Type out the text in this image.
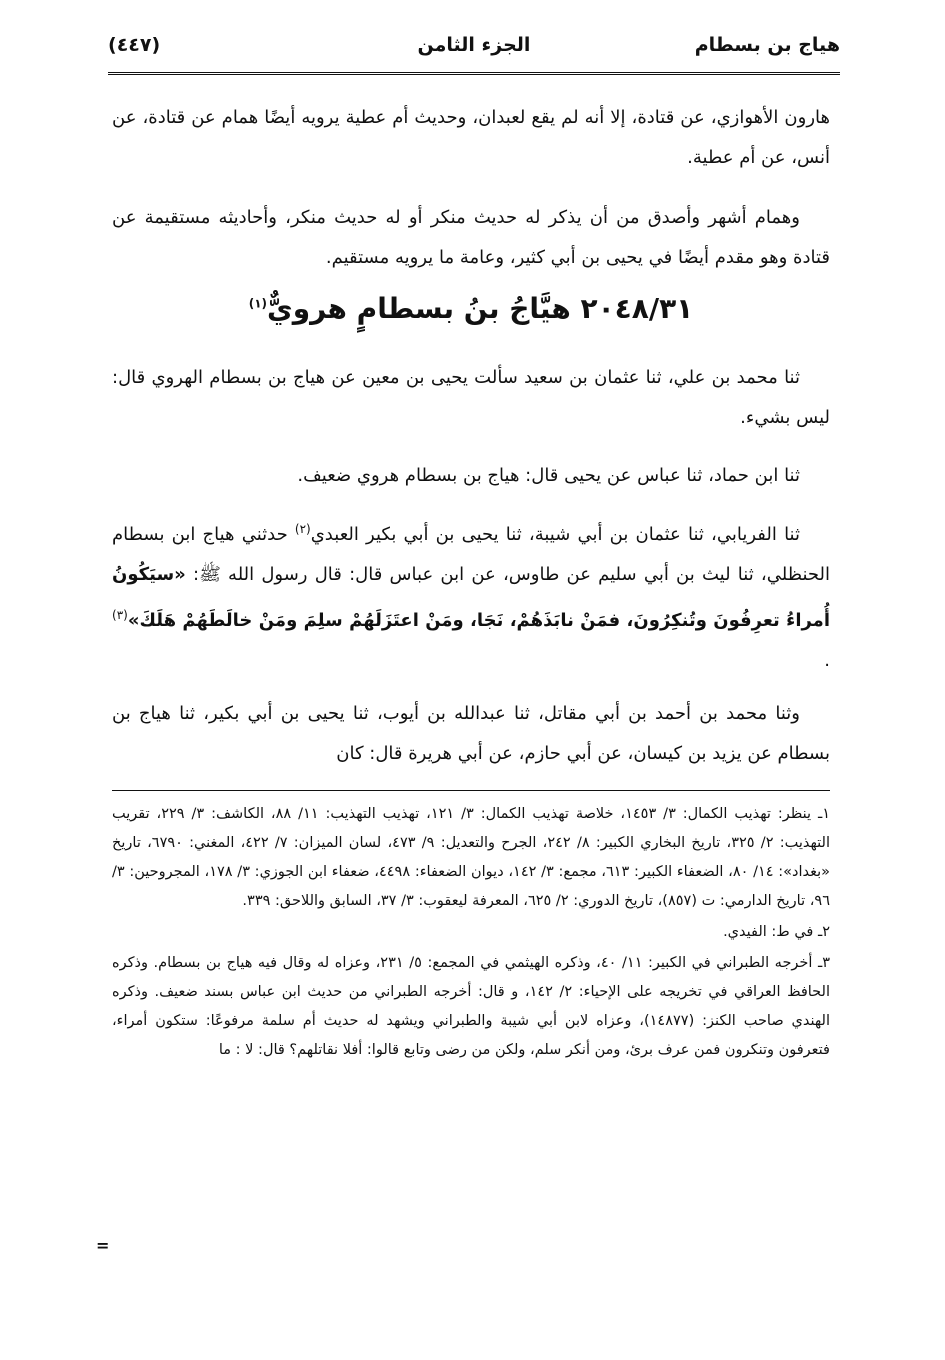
هياج بن بسطام
الجزء الثامن
(٤٤٧)
هارون الأهوازي، عن قتادة، إلا أنه لم يقع لعبدان، وحديث أم عطية يرويه أيضًا همام عن قتادة، عن أنس، عن أم عطية.
وهمام أشهر وأصدق من أن يذكر له حديث منكر أو له حديث منكر، وأحاديثه مستقيمة عن قتادة وهو مقدم أيضًا في يحيى بن أبي كثير، وعامة ما يرويه مستقيم.
٢٠٤٨/٣١ هيَّاجُ بنُ بسطامٍ هرويٌّ$^{(١)}$
ثنا محمد بن علي، ثنا عثمان بن سعيد سألت يحيى بن معين عن هياج بن بسطام الهروي قال: ليس بشيء.
ثنا ابن حماد، ثنا عباس عن يحيى قال: هياج بن بسطام هروي ضعيف.
ثنا الفريابي، ثنا عثمان بن أبي شيبة، ثنا يحيى بن أبي بكير العبدي$^{(٢)}$ حدثني هياج ابن بسطام الحنظلي، ثنا ليث بن أبي سليم عن طاوس، عن ابن عباس قال: قال رسول الله ﷺ: «سيَكُونُ أُمراءُ تعرِفُونَ وتُنكِرُونَ، فمَنْ نابَذَهُمْ، نَجَا، ومَنْ اعتَزَلَهُمْ سلِمَ ومَنْ خالَطَهُمْ هَلَكَ»$^{(٣)}$ .
وثنا محمد بن أحمد بن أبي مقاتل، ثنا عبدالله بن أيوب، ثنا يحيى بن أبي بكير، ثنا هياج بن بسطام عن يزيد بن كيسان، عن أبي حازم، عن أبي هريرة قال: كان

١ـ ينظر: تهذيب الكمال: ٣/ ١٤٥٣، خلاصة تهذيب الكمال: ٣/ ١٢١، تهذيب التهذيب: ١١/ ٨٨، الكاشف: ٣/ ٢٢٩، تقريب التهذيب: ٢/ ٣٢٥، تاريخ البخاري الكبير: ٨/ ٢٤٢، الجرح والتعديل: ٩/ ٤٧٣، لسان الميزان: ٧/ ٤٢٢، المغني: ٦٧٩٠، تاريخ «بغداد»: ١٤/ ٨٠، الضعفاء الكبير: ٦١٣، مجمع: ٣/ ١٤٢، ديوان الضعفاء: ٤٤٩٨، ضعفاء ابن الجوزي: ٣/ ١٧٨، المجروحين: ٣/ ٩٦، تاريخ الدارمي: ت (٨٥٧)، تاريخ الدوري: ٢/ ٦٢٥، المعرفة ليعقوب: ٣/ ٣٧، السابق واللاحق: ٣٣٩.

٢ـ في ط: الفيدي.

٣ـ أخرجه الطبراني في الكبير: ١١/ ٤٠، وذكره الهيثمي في المجمع: ٥/ ٢٣١، وعزاه له وقال فيه هياج بن بسطام. وذكره الحافظ العراقي في تخريجه على الإحياء: ٢/ ١٤٢، و قال: أخرجه الطبراني من حديث ابن عباس بسند ضعيف. وذكره الهندي صاحب الكنز: (١٤٨٧٧)، وعزاه لابن أبي شيبة والطبراني ويشهد له حديث أم سلمة مرفوعًا: ستكون أمراء، فتعرفون وتنكرون فمن عرف برئ، ومن أنكر سلم، ولكن من رضى وتابع قالوا: أفلا نقاتلهم؟ قال: لا : ما

=
